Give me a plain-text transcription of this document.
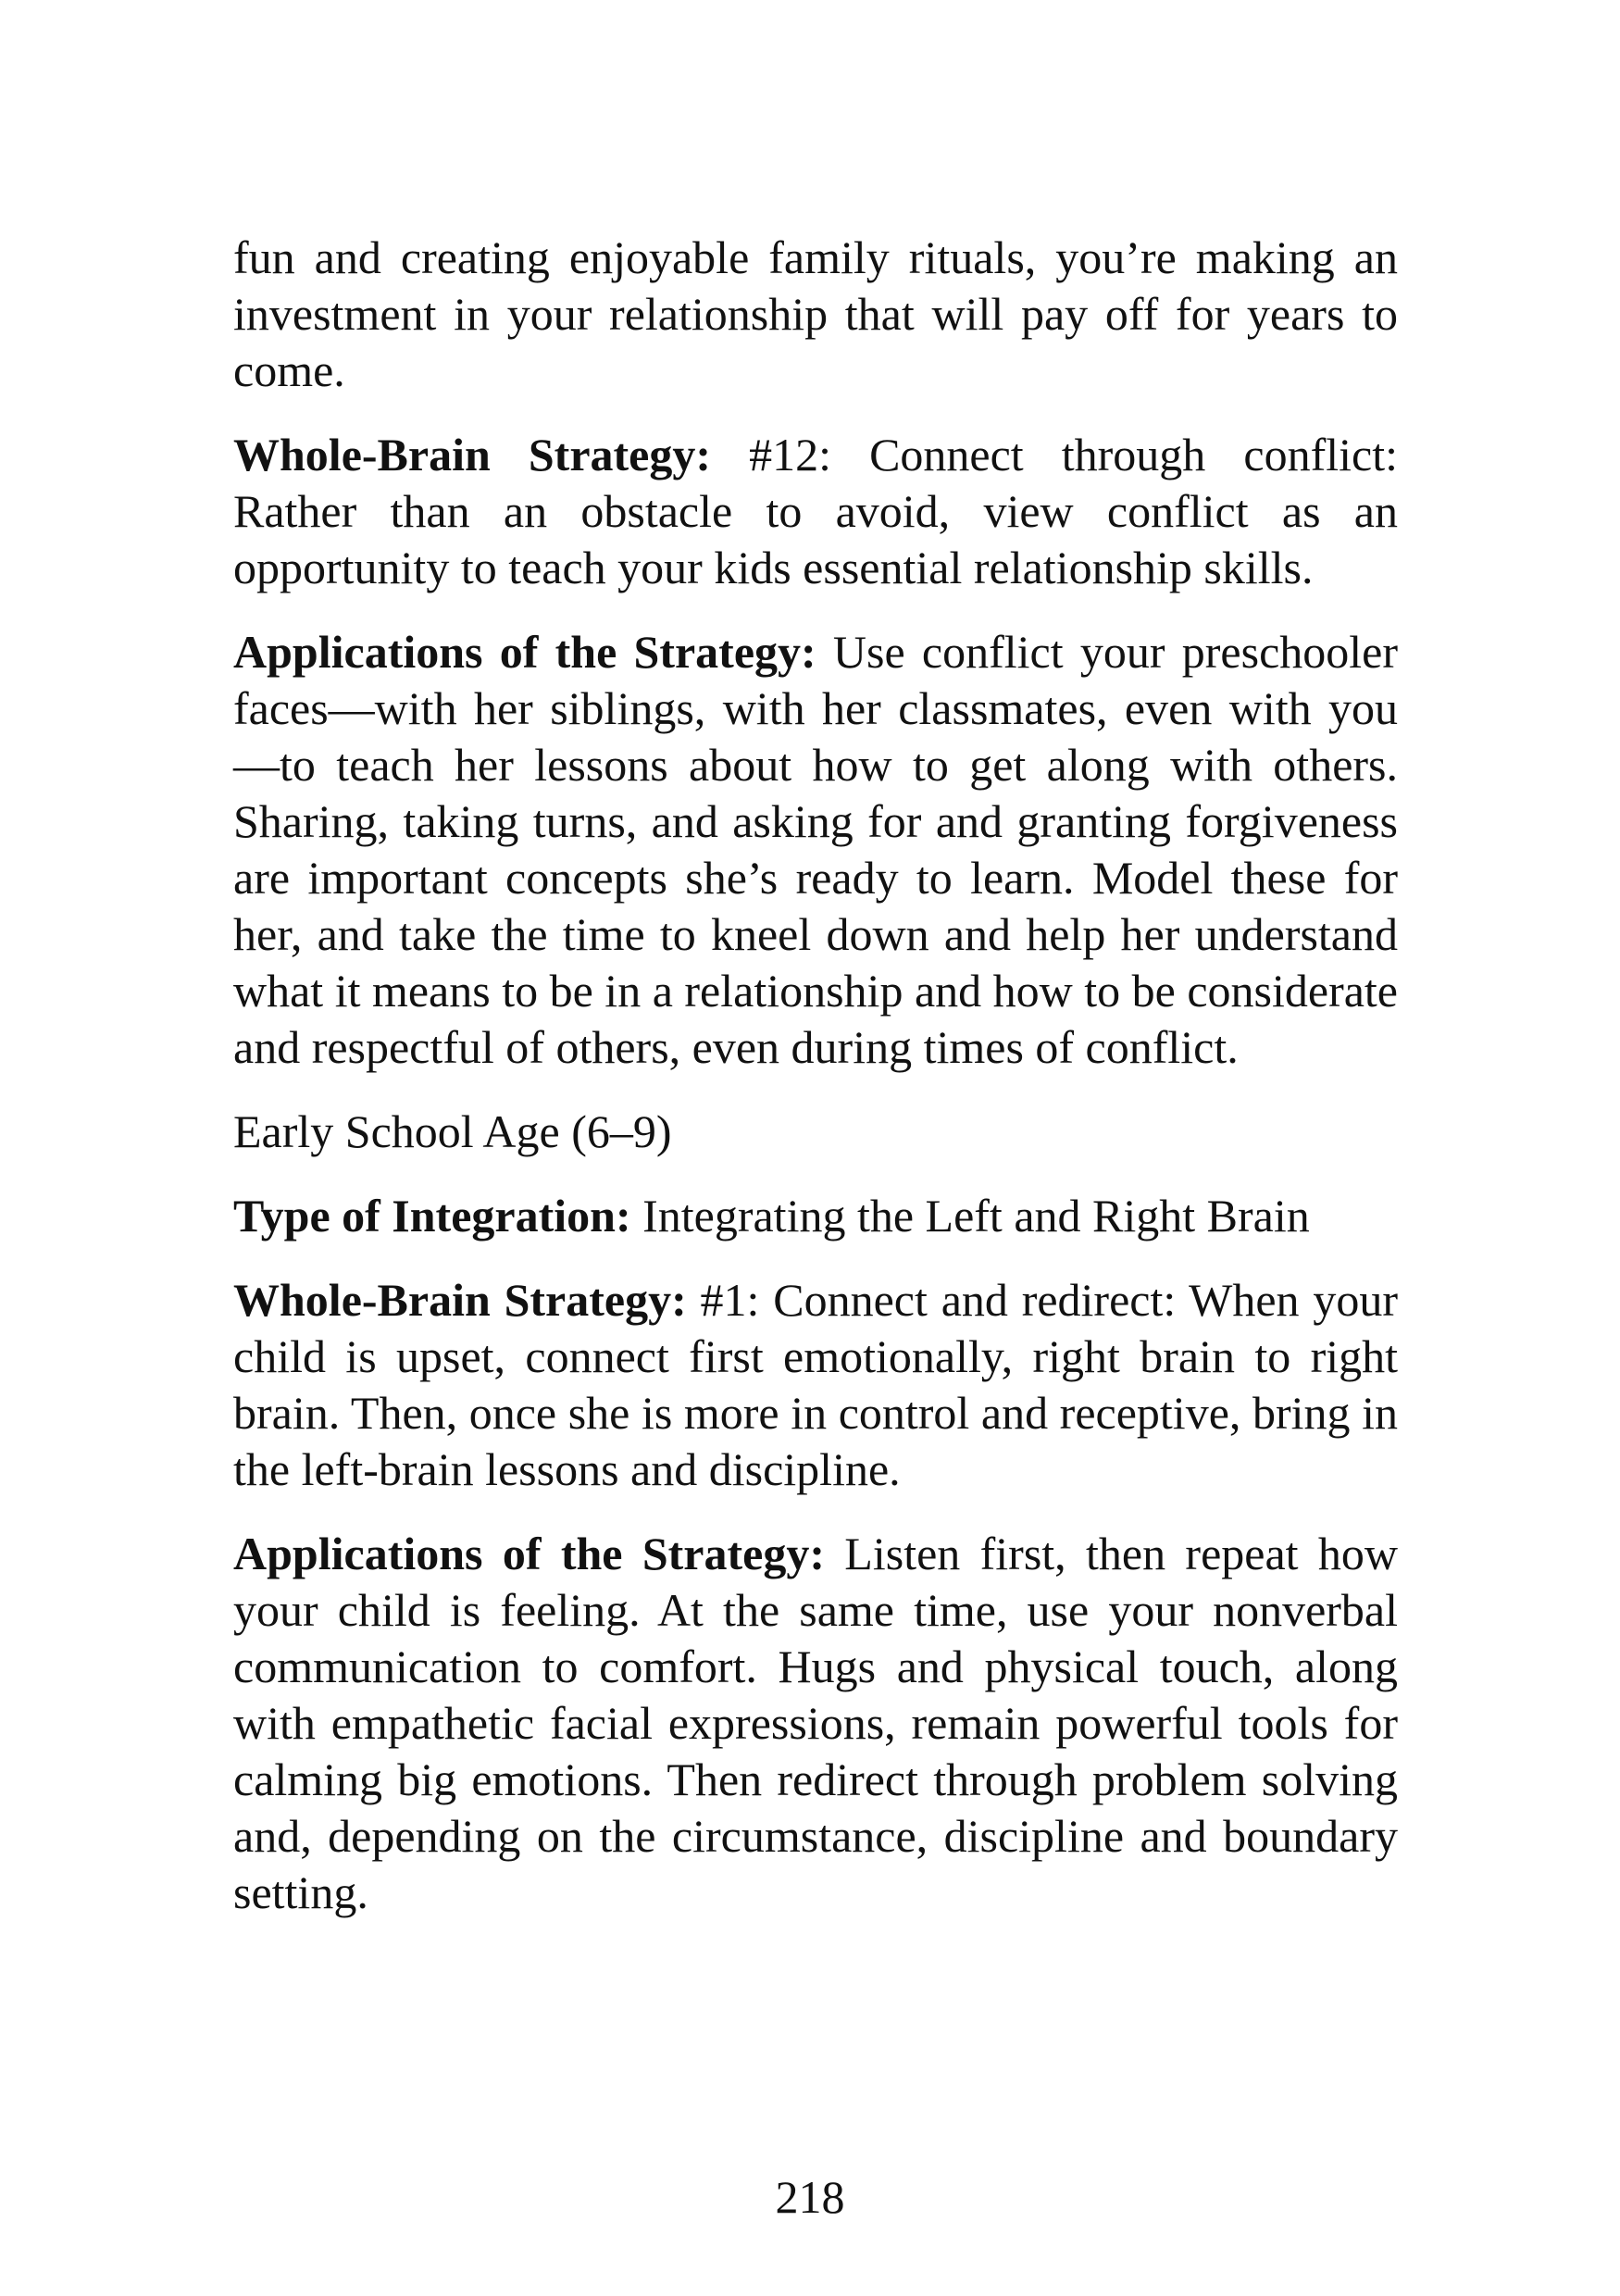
fun and creating enjoyable family rituals, you’re making an investment in your relationship that will pay off for years to come.

Whole-Brain Strategy: #12: Connect through conflict: Rather than an obstacle to avoid, view conflict as an opportunity to teach your kids essential relationship skills.

Applications of the Strategy: Use conflict your preschooler faces—with her siblings, with her classmates, even with you—to teach her lessons about how to get along with others. Sharing, taking turns, and asking for and granting forgiveness are important concepts she’s ready to learn. Model these for her, and take the time to kneel down and help her understand what it means to be in a relationship and how to be considerate and respectful of others, even during times of conflict.

Early School Age (6–9)

Type of Integration: Integrating the Left and Right Brain

Whole-Brain Strategy: #1: Connect and redirect: When your child is upset, connect first emotionally, right brain to right brain. Then, once she is more in control and receptive, bring in the left-brain lessons and discipline.

Applications of the Strategy: Listen first, then repeat how your child is feeling. At the same time, use your nonverbal communication to comfort. Hugs and physical touch, along with empathetic facial expressions, remain powerful tools for calming big emotions. Then redirect through problem solving and, depending on the circumstance, discipline and boundary setting.

218
